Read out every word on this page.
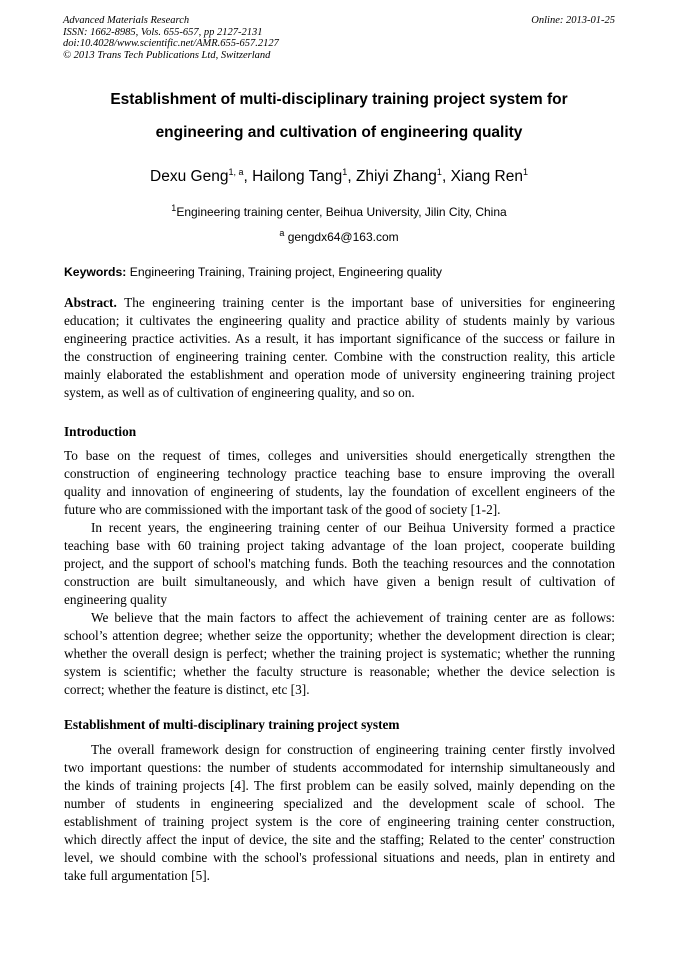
Advanced Materials Research
ISSN: 1662-8985, Vols. 655-657, pp 2127-2131
doi:10.4028/www.scientific.net/AMR.655-657.2127
© 2013 Trans Tech Publications Ltd, Switzerland
Online: 2013-01-25
Establishment of multi-disciplinary training project system for
engineering and cultivation of engineering quality
Dexu Geng$^{1, a}$, Hailong Tang$^1$, Zhiyi Zhang$^1$, Xiang Ren$^1$
$^1$Engineering training center, Beihua University, Jilin City, China
$^a$ gengdx64@163.com
Keywords: Engineering Training, Training project, Engineering quality
Abstract. The engineering training center is the important base of universities for engineering
education; it cultivates the engineering quality and practice ability of students mainly by various
engineering practice activities. As a result, it has important significance of the success or failure in
the construction of engineering training center. Combine with the construction reality, this article
mainly elaborated the establishment and operation mode of university engineering training project
system, as well as of cultivation of engineering quality, and so on.
Introduction
To base on the request of times, colleges and universities should energetically strengthen the
construction of engineering technology practice teaching base to ensure improving the overall
quality and innovation of engineering of students, lay the foundation of excellent engineers of the
future who are commissioned with the important task of the good of society [1-2].
In recent years, the engineering training center of our Beihua University formed a practice
teaching base with 60 training project taking advantage of the loan project, cooperate building
project, and the support of school's matching funds. Both the teaching resources and the connotation
construction are built simultaneously, and which have given a benign result of cultivation of
engineering quality
We believe that the main factors to affect the achievement of training center are as follows:
school’s attention degree; whether seize the opportunity; whether the development direction is clear;
whether the overall design is perfect; whether the training project is systematic; whether the running
system is scientific; whether the faculty structure is reasonable; whether the device selection is
correct; whether the feature is distinct, etc [3].
Establishment of multi-disciplinary training project system
The overall framework design for construction of engineering training center firstly involved
two important questions: the number of students accommodated for internship simultaneously and
the kinds of training projects [4]. The first problem can be easily solved, mainly depending on the
number of students in engineering specialized and the development scale of school. The
establishment of training project system is the core of engineering training center construction,
which directly affect the input of device, the site and the staffing; Related to the center' construction
level, we should combine with the school's professional situations and needs, plan in entirety and
take full argumentation [5].
